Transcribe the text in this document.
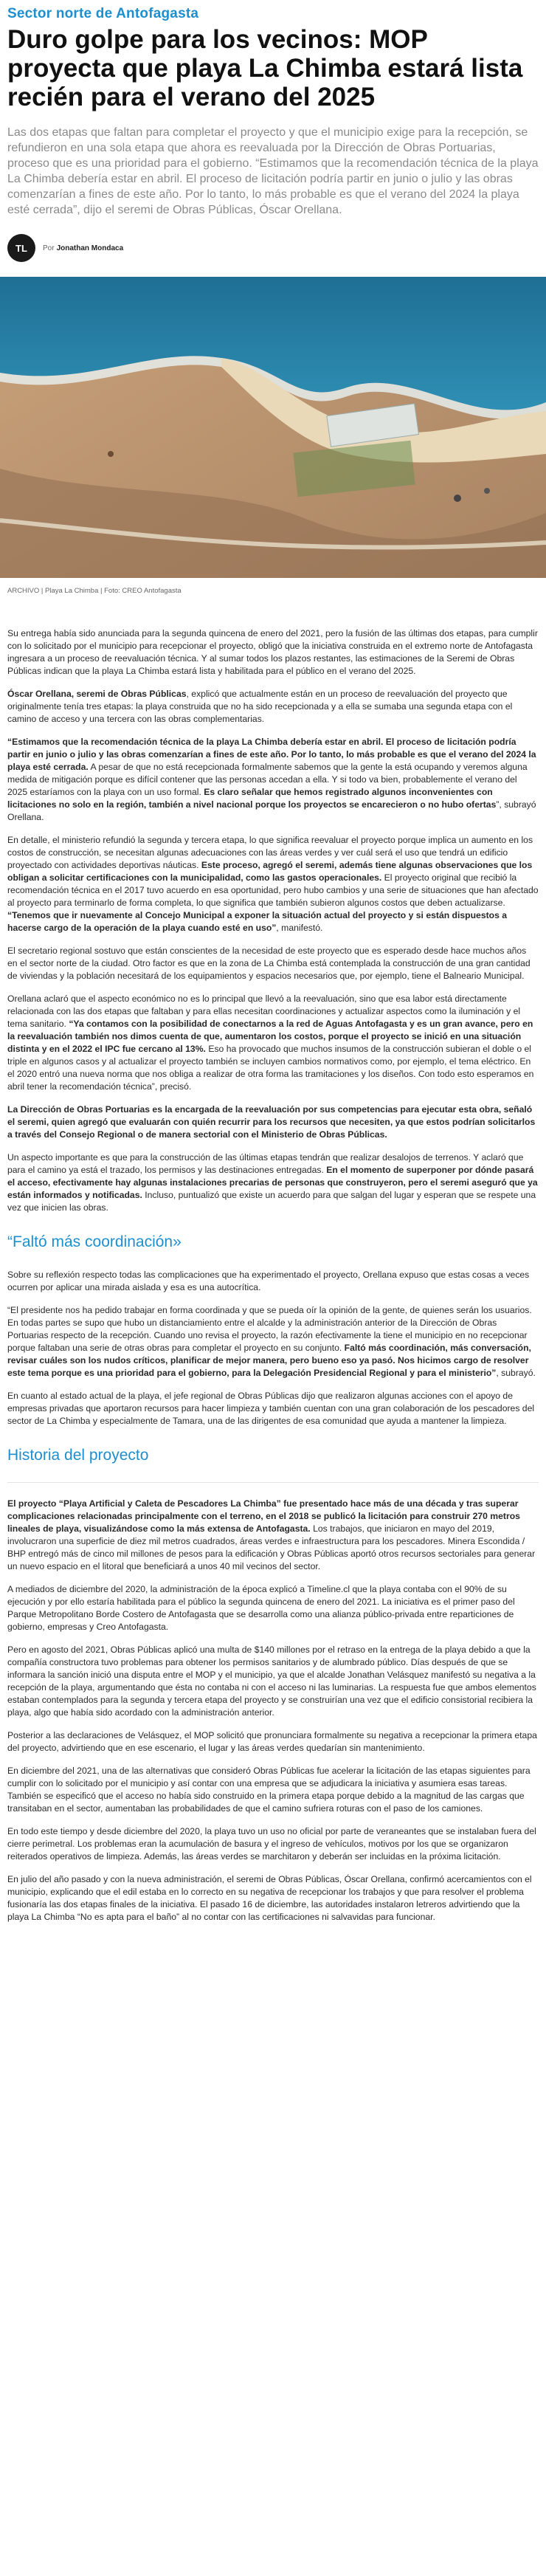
Sector norte de Antofagasta
Duro golpe para los vecinos: MOP proyecta que playa La Chimba estará lista recién para el verano del 2025

Las dos etapas que faltan para completar el proyecto y que el municipio exige para la recepción, se refundieron en una sola etapa que ahora es reevaluada por la Dirección de Obras Portuarias, proceso que es una prioridad para el gobierno. “Estimamos que la recomendación técnica de la playa La Chimba debería estar en abril. El proceso de licitación podría partir en junio o julio y las obras comenzarían a fines de este año. Por lo tanto, lo más probable es que el verano del 2024 la playa esté cerrada”, dijo el seremi de Obras Públicas, Óscar Orellana.

TL	Por Jonathan Mondaca
ARCHIVO | Playa La Chimba | Foto: CREO Antofagasta

Su entrega había sido anunciada para la segunda quincena de enero del 2021, pero la fusión de las últimas dos etapas, para cumplir con lo solicitado por el municipio para recepcionar el proyecto, obligó que la iniciativa construida en el extremo norte de Antofagasta ingresara a un proceso de reevaluación técnica. Y al sumar todos los plazos restantes, las estimaciones de la Seremi de Obras Públicas indican que la playa La Chimba estará lista y habilitada para el público en el verano del 2025.

Óscar Orellana, seremi de Obras Públicas, explicó que actualmente están en un proceso de reevaluación del proyecto que originalmente tenía tres etapas: la playa construida que no ha sido recepcionada y a ella se sumaba una segunda etapa con el camino de acceso y una tercera con las obras complementarias.

“Estimamos que la recomendación técnica de la playa La Chimba debería estar en abril. El proceso de licitación podría partir en junio o julio y las obras comenzarían a fines de este año. Por lo tanto, lo más probable es que el verano del 2024 la playa esté cerrada. A pesar de que no está recepcionada formalmente sabemos que la gente la está ocupando y veremos alguna medida de mitigación porque es difícil contener que las personas accedan a ella. Y si todo va bien, probablemente el verano del 2025 estaríamos con la playa con un uso formal. Es claro señalar que hemos registrado algunos inconvenientes con licitaciones no solo en la región, también a nivel nacional porque los proyectos se encarecieron o no hubo ofertas”, subrayó Orellana.

En detalle, el ministerio refundió la segunda y tercera etapa, lo que significa reevaluar el proyecto porque implica un aumento en los costos de construcción, se necesitan algunas adecuaciones con las áreas verdes y ver cuál será el uso que tendrá un edificio proyectado con actividades deportivas náuticas. Este proceso, agregó el seremi, además tiene algunas observaciones que los obligan a solicitar certificaciones con la municipalidad, como las gastos operacionales. El proyecto original que recibió la recomendación técnica en el 2017 tuvo acuerdo en esa oportunidad, pero hubo cambios y una serie de situaciones que han afectado al proyecto para terminarlo de forma completa, lo que significa que también subieron algunos costos que deben actualizarse. “Tenemos que ir nuevamente al Concejo Municipal a exponer la situación actual del proyecto y si están dispuestos a hacerse cargo de la operación de la playa cuando esté en uso”, manifestó.

El secretario regional sostuvo que están conscientes de la necesidad de este proyecto que es esperado desde hace muchos años en el sector norte de la ciudad. Otro factor es que en la zona de La Chimba está contemplada la construcción de una gran cantidad de viviendas y la población necesitará de los equipamientos y espacios necesarios que, por ejemplo, tiene el Balneario Municipal.

Orellana aclaró que el aspecto económico no es lo principal que llevó a la reevaluación, sino que esa labor está directamente relacionada con las dos etapas que faltaban y para ellas necesitan coordinaciones y actualizar aspectos como la iluminación y el tema sanitario. “Ya contamos con la posibilidad de conectarnos a la red de Aguas Antofagasta y es un gran avance, pero en la reevaluación también nos dimos cuenta de que, aumentaron los costos, porque el proyecto se inició en una situación distinta y en el 2022 el IPC fue cercano al 13%. Eso ha provocado que muchos insumos de la construcción subieran el doble o el triple en algunos casos y al actualizar el proyecto también se incluyen cambios normativos como, por ejemplo, el tema eléctrico. En el 2020 entró una nueva norma que nos obliga a realizar de otra forma las tramitaciones y los diseños. Con todo esto esperamos en abril tener la recomendación técnica”, precisó.

La Dirección de Obras Portuarias es la encargada de la reevaluación por sus competencias para ejecutar esta obra, señaló el seremi, quien agregó que evaluarán con quién recurrir para los recursos que necesiten, ya que estos podrían solicitarlos a través del Consejo Regional o de manera sectorial con el Ministerio de Obras Públicas.

Un aspecto importante es que para la construcción de las últimas etapas tendrán que realizar desalojos de terrenos. Y aclaró que para el camino ya está el trazado, los permisos y las destinaciones entregadas. En el momento de superponer por dónde pasará el acceso, efectivamente hay algunas instalaciones precarias de personas que construyeron, pero el seremi aseguró que ya están informados y notificadas. Incluso, puntualizó que existe un acuerdo para que salgan del lugar y esperan que se respete una vez que inicien las obras.

“Faltó más coordinación»

Sobre su reflexión respecto todas las complicaciones que ha experimentado el proyecto, Orellana expuso que estas cosas a veces ocurren por aplicar una mirada aislada y esa es una autocrítica.

“El presidente nos ha pedido trabajar en forma coordinada y que se pueda oír la opinión de la gente, de quienes serán los usuarios. En todas partes se supo que hubo un distanciamiento entre el alcalde y la administración anterior de la Dirección de Obras Portuarias respecto de la recepción. Cuando uno revisa el proyecto, la razón efectivamente la tiene el municipio en no recepcionar porque faltaban una serie de otras obras para completar el proyecto en su conjunto. Faltó más coordinación, más conversación, revisar cuáles son los nudos críticos, planificar de mejor manera, pero bueno eso ya pasó. Nos hicimos cargo de resolver este tema porque es una prioridad para el gobierno, para la Delegación Presidencial Regional y para el ministerio”, subrayó.

En cuanto al estado actual de la playa, el jefe regional de Obras Públicas dijo que realizaron algunas acciones con el apoyo de empresas privadas que aportaron recursos para hacer limpieza y también cuentan con una gran colaboración de los pescadores del sector de La Chimba y especialmente de Tamara, una de las dirigentes de esa comunidad que ayuda a mantener la limpieza.

Historia del proyecto

El proyecto “Playa Artificial y Caleta de Pescadores La Chimba” fue presentado hace más de una década y tras superar complicaciones relacionadas principalmente con el terreno, en el 2018 se publicó la licitación para construir 270 metros lineales de playa, visualizándose como la más extensa de Antofagasta. Los trabajos, que iniciaron en mayo del 2019, involucraron una superficie de diez mil metros cuadrados, áreas verdes e infraestructura para los pescadores. Minera Escondida / BHP entregó más de cinco mil millones de pesos para la edificación y Obras Públicas aportó otros recursos sectoriales para generar un nuevo espacio en el litoral que beneficiará a unos 40 mil vecinos del sector.

A mediados de diciembre del 2020, la administración de la época explicó a Timeline.cl que la playa contaba con el 90% de su ejecución y por ello estaría habilitada para el público la segunda quincena de enero del 2021. La iniciativa es el primer paso del Parque Metropolitano Borde Costero de Antofagasta que se desarrolla como una alianza público-privada entre reparticiones de gobierno, empresas y Creo Antofagasta.

Pero en agosto del 2021, Obras Públicas aplicó una multa de $140 millones por el retraso en la entrega de la playa debido a que la compañía constructora tuvo problemas para obtener los permisos sanitarios y de alumbrado público. Días después de que se informara la sanción inició una disputa entre el MOP y el municipio, ya que el alcalde Jonathan Velásquez manifestó su negativa a la recepción de la playa, argumentando que ésta no contaba ni con el acceso ni las luminarias. La respuesta fue que ambos elementos estaban contemplados para la segunda y tercera etapa del proyecto y se construirían una vez que el edificio consistorial recibiera la playa, algo que había sido acordado con la administración anterior.

Posterior a las declaraciones de Velásquez, el MOP solicitó que pronunciara formalmente su negativa a recepcionar la primera etapa del proyecto, advirtiendo que en ese escenario, el lugar y las áreas verdes quedarían sin mantenimiento.

En diciembre del 2021, una de las alternativas que consideró Obras Públicas fue acelerar la licitación de las etapas siguientes para cumplir con lo solicitado por el municipio y así contar con una empresa que se adjudicara la iniciativa y asumiera esas tareas. También se especificó que el acceso no había sido construido en la primera etapa porque debido a la magnitud de las cargas que transitaban en el sector, aumentaban las probabilidades de que el camino sufriera roturas con el paso de los camiones.

En todo este tiempo y desde diciembre del 2020, la playa tuvo un uso no oficial por parte de veraneantes que se instalaban fuera del cierre perimetral. Los problemas eran la acumulación de basura y el ingreso de vehículos, motivos por los que se organizaron reiterados operativos de limpieza. Además, las áreas verdes se marchitaron y deberán ser incluidas en la próxima licitación.

En julio del año pasado y con la nueva administración, el seremi de Obras Públicas, Óscar Orellana, confirmó acercamientos con el municipio, explicando que el edil estaba en lo correcto en su negativa de recepcionar los trabajos y que para resolver el problema fusionaría las dos etapas finales de la iniciativa. El pasado 16 de diciembre, las autoridades instalaron letreros advirtiendo que la playa La Chimba “No es apta para el baño” al no contar con las certificaciones ni salvavidas para funcionar.
